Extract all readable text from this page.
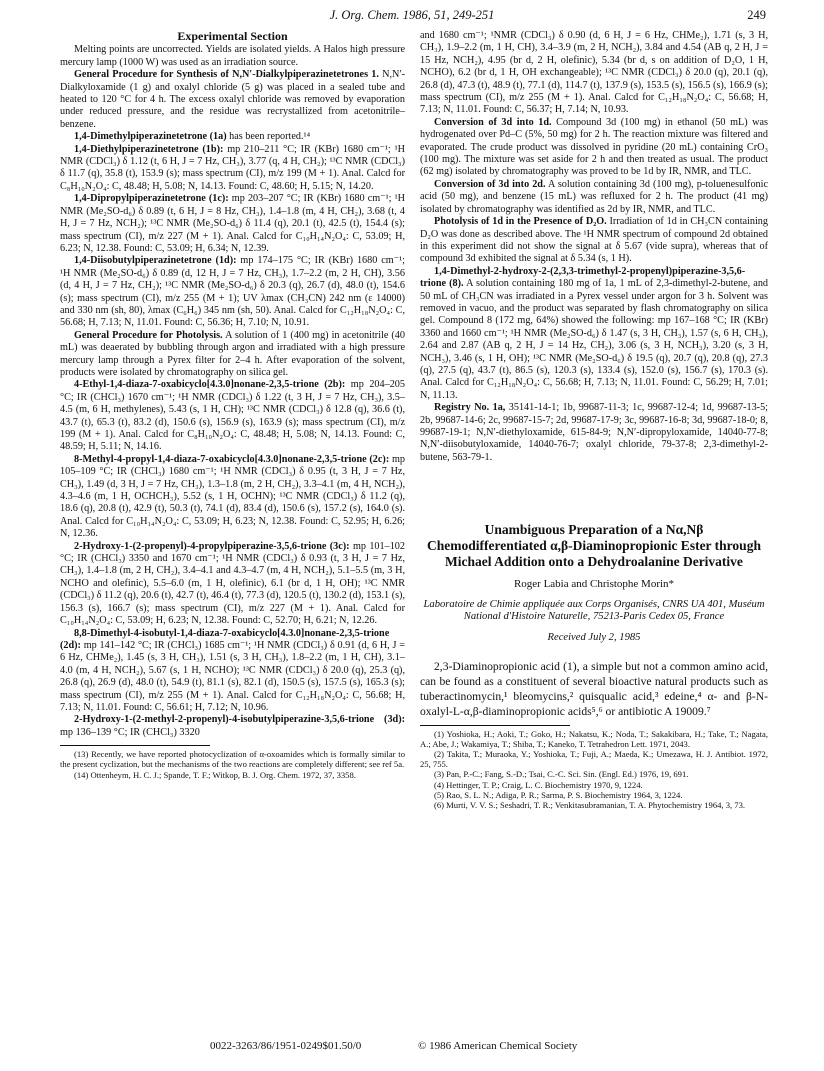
J. Org. Chem. 1986, 51, 249-251	249
Experimental Section

Melting points are uncorrected. Yields are isolated yields. A Halos high pressure mercury lamp (1000 W) was used as an irradiation source.

General Procedure for Synthesis of N,N′-Dialkylpiperazinetetrones 1. N,N′-Dialkyloxamide (1 g) and oxalyl chloride (5 g) was placed in a sealed tube and heated to 120 °C for 4 h. The excess oxalyl chloride was removed by evaporation under reduced pressure, and the residue was recrystallized from acetonitrile–benzene.

1,4-Dimethylpiperazinetetrone (1a) has been reported.¹⁴

1,4-Diethylpiperazinetetrone (1b): mp 210–211 °C; IR (KBr) 1680 cm⁻¹; ¹H NMR (CDCl₃) δ 1.12 (t, 6 H, J = 7 Hz, CH₃), 3.77 (q, 4 H, CH₂); ¹³C NMR (CDCl₃) δ 11.7 (q), 35.8 (t), 153.9 (s); mass spectrum (CI), m/z 199 (M + 1). Anal. Calcd for C₈H₁₀N₂O₄: C, 48.48; H, 5.08; N, 14.13. Found: C, 48.60; H, 5.15; N, 14.20.

1,4-Dipropylpiperazinetetrone (1c): mp 203–207 °C; IR (KBr) 1680 cm⁻¹; ¹H NMR (Me₂SO-d₆) δ 0.89 (t, 6 H, J = 8 Hz, CH₃), 1.4–1.8 (m, 4 H, CH₂), 3.68 (t, 4 H, J = 7 Hz, NCH₂); ¹³C NMR (Me₂SO-d₆) δ 11.4 (q), 20.1 (t), 42.5 (t), 154.4 (s); mass spectrum (CI), m/z 227 (M + 1). Anal. Calcd for C₁₀H₁₄N₂O₄: C, 53.09; H, 6.23; N, 12.38. Found: C, 53.09; H, 6.34; N, 12.39.

1,4-Diisobutylpiperazinetetrone (1d): mp 174–175 °C; IR (KBr) 1680 cm⁻¹; ¹H NMR (Me₂SO-d₆) δ 0.89 (d, 12 H, J = 7 Hz, CH₃), 1.7–2.2 (m, 2 H, CH), 3.56 (d, 4 H, J = 7 Hz, CH₂); ¹³C NMR (Me₂SO-d₆) δ 20.3 (q), 26.7 (d), 48.0 (t), 154.6 (s); mass spectrum (CI), m/z 255 (M + 1); UV λmax (CH₃CN) 242 nm (ε 14000) and 330 nm (sh, 80), λmax (C₆H₆) 345 nm (sh, 50). Anal. Calcd for C₁₂H₁₈N₂O₄: C, 56.68; H, 7.13; N, 11.01. Found: C, 56.36; H, 7.10; N, 10.91.

General Procedure for Photolysis. A solution of 1 (400 mg) in acetonitrile (40 mL) was deaerated by bubbling through argon and irradiated with a high pressure mercury lamp through a Pyrex filter for 2–4 h. After evaporation of the solvent, products were isolated by chromatography on silica gel.

4-Ethyl-1,4-diaza-7-oxabicyclo[4.3.0]nonane-2,3,5-trione (2b): mp 204–205 °C; IR (CHCl₃) 1670 cm⁻¹; ¹H NMR (CDCl₃) δ 1.22 (t, 3 H, J = 7 Hz, CH₃), 3.5–4.5 (m, 6 H, methylenes), 5.43 (s, 1 H, CH); ¹³C NMR (CDCl₃) δ 12.8 (q), 36.6 (t), 43.7 (t), 65.3 (t), 83.2 (d), 150.6 (s), 156.9 (s), 163.9 (s); mass spectrum (CI), m/z 199 (M + 1). Anal. Calcd for C₈H₁₀N₂O₄: C, 48.48; H, 5.08; N, 14.13. Found: C, 48.59; H, 5.11; N, 14.16.

8-Methyl-4-propyl-1,4-diaza-7-oxabicyclo[4.3.0]nonane-2,3,5-trione (2c): mp 105–109 °C; IR (CHCl₃) 1680 cm⁻¹; ¹H NMR (CDCl₃) δ 0.95 (t, 3 H, J = 7 Hz, CH₃), 1.49 (d, 3 H, J = 7 Hz, CH₃), 1.3–1.8 (m, 2 H, CH₂), 3.3–4.1 (m, 4 H, NCH₂), 4.3–4.6 (m, 1 H, OCHCH₃), 5.52 (s, 1 H, OCHN); ¹³C NMR (CDCl₃) δ 11.2 (q), 18.6 (q), 20.8 (t), 42.9 (t), 50.3 (t), 74.1 (d), 83.4 (d), 150.6 (s), 157.2 (s), 164.0 (s). Anal. Calcd for C₁₀H₁₄N₂O₄: C, 53.09; H, 6.23; N, 12.38. Found: C, 52.95; H, 6.26; N, 12.36.

2-Hydroxy-1-(2-propenyl)-4-propylpiperazine-3,5,6-trione (3c): mp 101–102 °C; IR (CHCl₃) 3350 and 1670 cm⁻¹; ¹H NMR (CDCl₃) δ 0.93 (t, 3 H, J = 7 Hz, CH₃), 1.4–1.8 (m, 2 H, CH₂), 3.4–4.1 and 4.3–4.7 (m, 4 H, NCH₂), 5.1–5.5 (m, 3 H, NCHO and olefinic), 5.5–6.0 (m, 1 H, olefinic), 6.1 (br d, 1 H, OH); ¹³C NMR (CDCl₃) δ 11.2 (q), 20.6 (t), 42.7 (t), 46.4 (t), 77.3 (d), 120.5 (t), 130.2 (d), 153.1 (s), 156.3 (s), 166.7 (s); mass spectrum (CI), m/z 227 (M + 1). Anal. Calcd for C₁₀H₁₄N₂O₄: C, 53.09; H, 6.23; N, 12.38. Found: C, 52.70; H, 6.21; N, 12.26.

8,8-Dimethyl-4-isobutyl-1,4-diaza-7-oxabicyclo[4.3.0]nonane-2,3,5-trione (2d): mp 141–142 °C; IR (CHCl₃) 1685 cm⁻¹; ¹H NMR (CDCl₃) δ 0.91 (d, 6 H, J = 6 Hz, CHMe₂), 1.45 (s, 3 H, CH₃), 1.51 (s, 3 H, CH₃), 1.8–2.2 (m, 1 H, CH), 3.1–4.0 (m, 4 H, NCH₂), 5.67 (s, 1 H, NCHO); ¹³C NMR (CDCl₃) δ 20.0 (q), 25.3 (q), 26.8 (q), 26.9 (d), 48.0 (t), 54.9 (t), 81.1 (s), 82.1 (d), 150.5 (s), 157.5 (s), 165.3 (s); mass spectrum (CI), m/z 255 (M + 1). Anal. Calcd for C₁₂H₁₈N₂O₄: C, 56.68; H, 7.13; N, 11.01. Found: C, 56.61; H, 7.12; N, 10.96.

2-Hydroxy-1-(2-methyl-2-propenyl)-4-isobutylpiperazine-3,5,6-trione (3d): mp 136–139 °C; IR (CHCl₃) 3320

(13) Recently, we have reported photocyclization of α-oxoamides which is formally similar to the present cyclization, but the mechanisms of the two reactions are completely different; see ref 5a.

(14) Ottenheym, H. C. J.; Spande, T. F.; Witkop, B. J. Org. Chem. 1972, 37, 3358.

and 1680 cm⁻¹; ¹NMR (CDCl₃) δ 0.90 (d, 6 H, J = 6 Hz, CHMe₂), 1.71 (s, 3 H, CH₃), 1.9–2.2 (m, 1 H, CH), 3.4–3.9 (m, 2 H, NCH₂), 3.84 and 4.54 (AB q, 2 H, J = 15 Hz, NCH₂), 4.95 (br d, 2 H, olefinic), 5.34 (br d, s on addition of D₂O, 1 H, NCHO), 6.2 (br d, 1 H, OH exchangeable); ¹³C NMR (CDCl₃) δ 20.0 (q), 20.1 (q), 26.8 (d), 47.3 (t), 48.9 (t), 77.1 (d), 114.7 (t), 137.9 (s), 153.5 (s), 156.5 (s), 166.9 (s); mass spectrum (CI), m/z 255 (M + 1). Anal. Calcd for C₁₂H₁₈N₂O₄: C, 56.68; H, 7.13; N, 11.01. Found: C, 56.37; H, 7.14; N, 10.93.

Conversion of 3d into 1d. Compound 3d (100 mg) in ethanol (50 mL) was hydrogenated over Pd–C (5%, 50 mg) for 2 h. The reaction mixture was filtered and evaporated. The crude product was dissolved in pyridine (20 mL) containing CrO₃ (100 mg). The mixture was set aside for 2 h and then treated as usual. The product (62 mg) isolated by chromatography was proved to be 1d by IR, NMR, and TLC.

Conversion of 3d into 2d. A solution containing 3d (100 mg), p-toluenesulfonic acid (50 mg), and benzene (15 mL) was refluxed for 2 h. The product (41 mg) isolated by chromatography was identified as 2d by IR, NMR, and TLC.

Photolysis of 1d in the Presence of D₂O. Irradiation of 1d in CH₃CN containing D₂O was done as described above. The ¹H NMR spectrum of compound 2d obtained in this experiment did not show the signal at δ 5.67 (vide supra), whereas that of compound 3d exhibited the signal at δ 5.34 (s, 1 H).

1,4-Dimethyl-2-hydroxy-2-(2,3,3-trimethyl-2-propenyl)piperazine-3,5,6-trione (8). A solution containing 180 mg of 1a, 1 mL of 2,3-dimethyl-2-butene, and 50 mL of CH₃CN was irradiated in a Pyrex vessel under argon for 3 h. Solvent was removed in vacuo, and the product was separated by flash chromatography on silica gel. Compound 8 (172 mg, 64%) showed the following: mp 167–168 °C; IR (KBr) 3360 and 1660 cm⁻¹; ¹H NMR (Me₂SO-d₆) δ 1.47 (s, 3 H, CH₃), 1.57 (s, 6 H, CH₃), 2.64 and 2.87 (AB q, 2 H, J = 14 Hz, CH₂), 3.06 (s, 3 H, NCH₃), 3.20 (s, 3 H, NCH₃), 3.46 (s, 1 H, OH); ¹³C NMR (Me₂SO-d₆) δ 19.5 (q), 20.7 (q), 20.8 (q), 27.3 (q), 27.5 (q), 43.7 (t), 86.5 (s), 120.3 (s), 133.4 (s), 152.0 (s), 156.7 (s), 170.3 (s). Anal. Calcd for C₁₂H₁₈N₂O₄: C, 56.68; H, 7.13; N, 11.01. Found: C, 56.29; H, 7.01; N, 11.13.

Registry No. 1a, 35141-14-1; 1b, 99687-11-3; 1c, 99687-12-4; 1d, 99687-13-5; 2b, 99687-14-6; 2c, 99687-15-7; 2d, 99687-17-9; 3c, 99687-16-8; 3d, 99687-18-0; 8, 99687-19-1; N,N′-diethyloxamide, 615-84-9; N,N′-dipropyloxamide, 14040-77-8; N,N′-diisobutyloxamide, 14040-76-7; oxalyl chloride, 79-37-8; 2,3-dimethyl-2-butene, 563-79-1.

Unambiguous Preparation of a Nα,Nβ Chemodifferentiated α,β-Diaminopropionic Ester through Michael Addition onto a Dehydroalanine Derivative
Roger Labia and Christophe Morin*
Laboratoire de Chimie appliquée aux Corps Organisés, CNRS UA 401, Muséum National d'Histoire Naturelle, 75213-Paris Cedex 05, France
Received July 2, 1985

2,3-Diaminopropionic acid (1), a simple but not a common amino acid, can be found as a constituent of several bioactive natural products such as tuberactinomycin,¹ bleomycins,² quisqualic acid,³ edeine,⁴ α- and β-N-oxalyl-L-α,β-diaminopropionic acids⁵,⁶ or antibiotic A 19009.⁷

(1) Yoshioka, H.; Aoki, T.; Goko, H.; Nakatsu, K.; Noda, T.; Sakakibara, H.; Take, T.; Nagata, A.; Abe, J.; Wakamiya, T.; Shiba, T.; Kaneko, T. Tetrahedron Lett. 1971, 2043.

(2) Takita, T.; Muraoka, Y.; Yoshioka, T.; Fuji, A.; Maeda, K.; Umezawa, H. J. Antibiot. 1972, 25, 755.

(3) Pan, P.-C.; Fang, S.-D.; Tsai, C.-C. Sci. Sin. (Engl. Ed.) 1976, 19, 691.

(4) Hettinger, T. P.; Craig, L. C. Biochemistry 1970, 9, 1224.

(5) Rao, S. L. N.; Adiga, P. R.; Sarma, P. S. Biochemistry 1964, 3, 1224.

(6) Murti, V. V. S.; Seshadri, T. R.; Venkitasubramanian, T. A. Phytochemistry 1964, 3, 73.

0022-3263/86/1951-0249$01.50/0	© 1986 American Chemical Society
